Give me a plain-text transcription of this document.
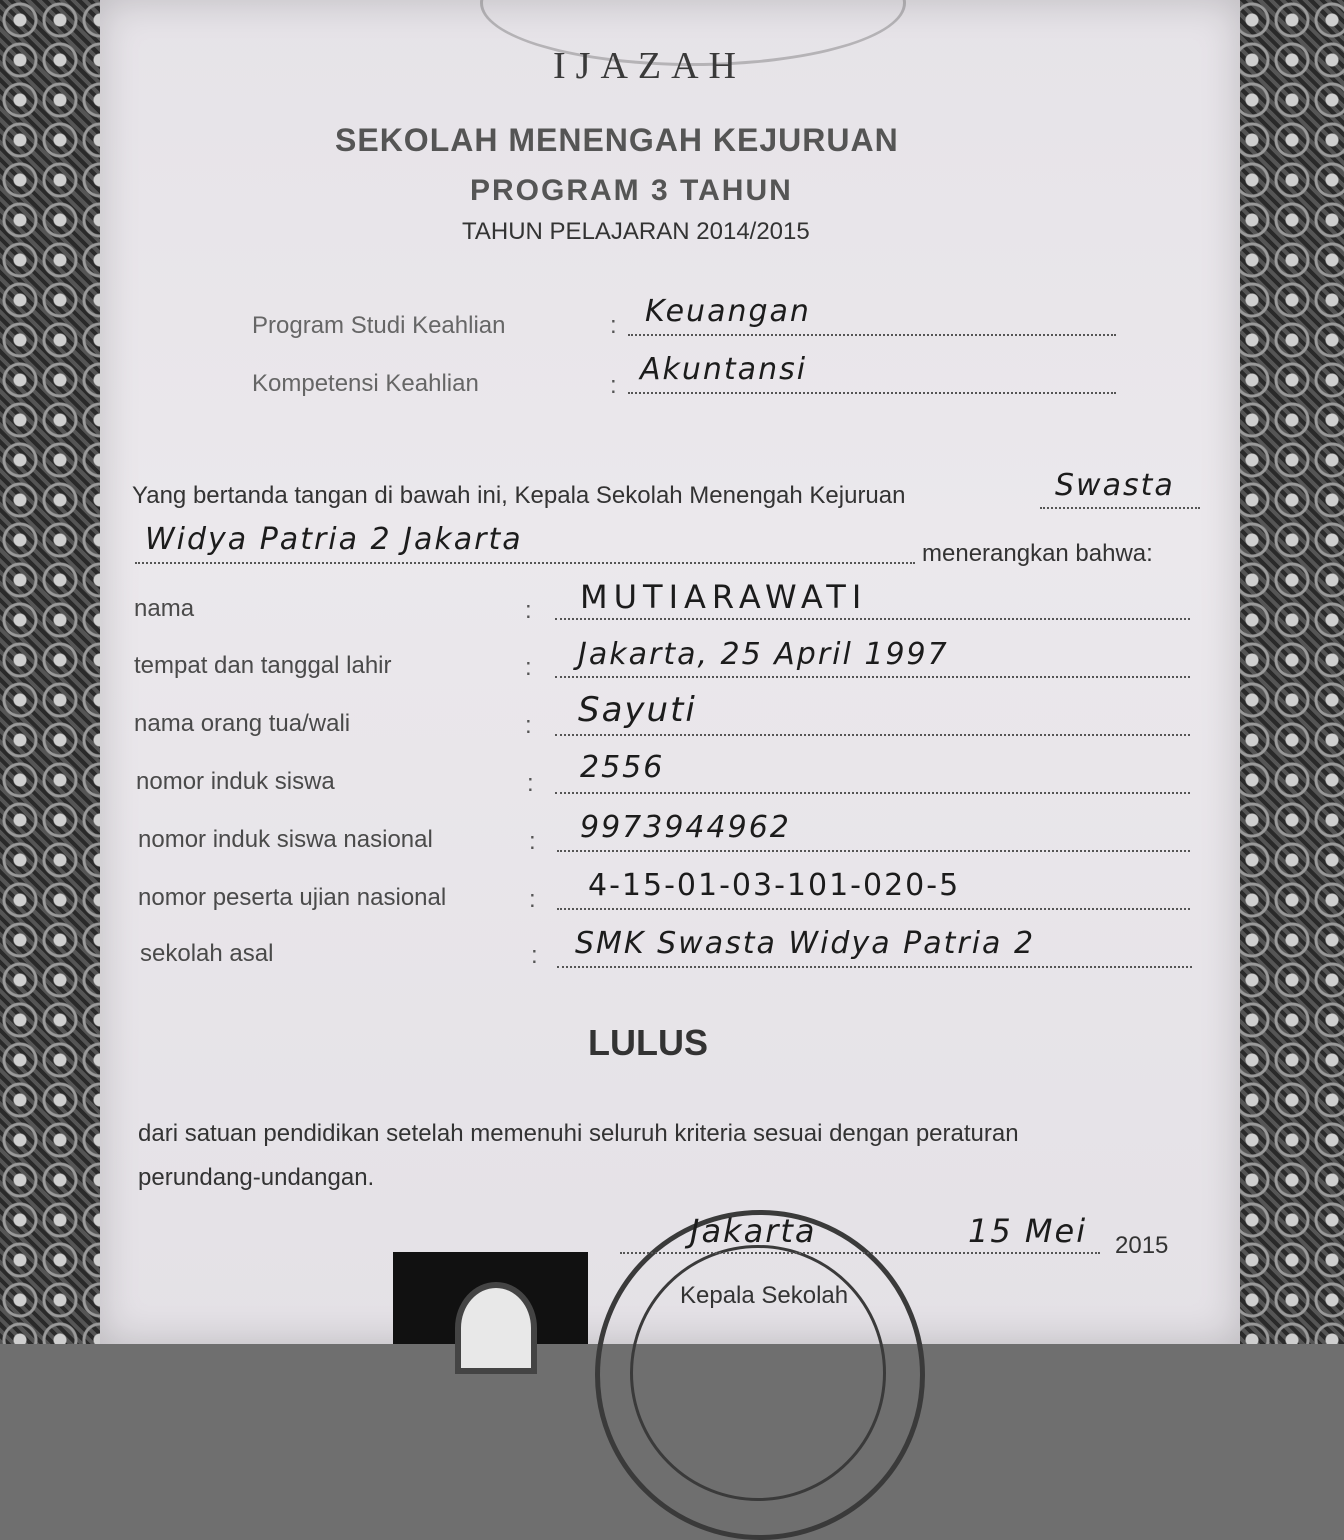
IJAZAH
SEKOLAH MENENGAH KEJURUAN
PROGRAM 3 TAHUN
TAHUN PELAJARAN 2014/2015
Program Studi Keahlian	: Keuangan
Kompetensi Keahlian	: Akuntansi
Yang bertanda tangan di bawah ini, Kepala Sekolah Menengah Kejuruan	Swasta
Widya Patria 2 Jakarta	menerangkan bahwa:
nama	: MUTIARAWATI
tempat dan tanggal lahir	: Jakarta, 25 April 1997
nama orang tua/wali	: Sayuti
nomor induk siswa	: 2556
nomor induk siswa nasional	: 9973944962
nomor peserta ujian nasional	: 4-15-01-03-101-020-5
sekolah asal	: SMK Swasta Widya Patria 2
LULUS
dari satuan pendidikan setelah memenuhi seluruh kriteria sesuai dengan peraturan
perundang-undangan.
Jakarta	15 Mei 2015
Kepala Sekolah
